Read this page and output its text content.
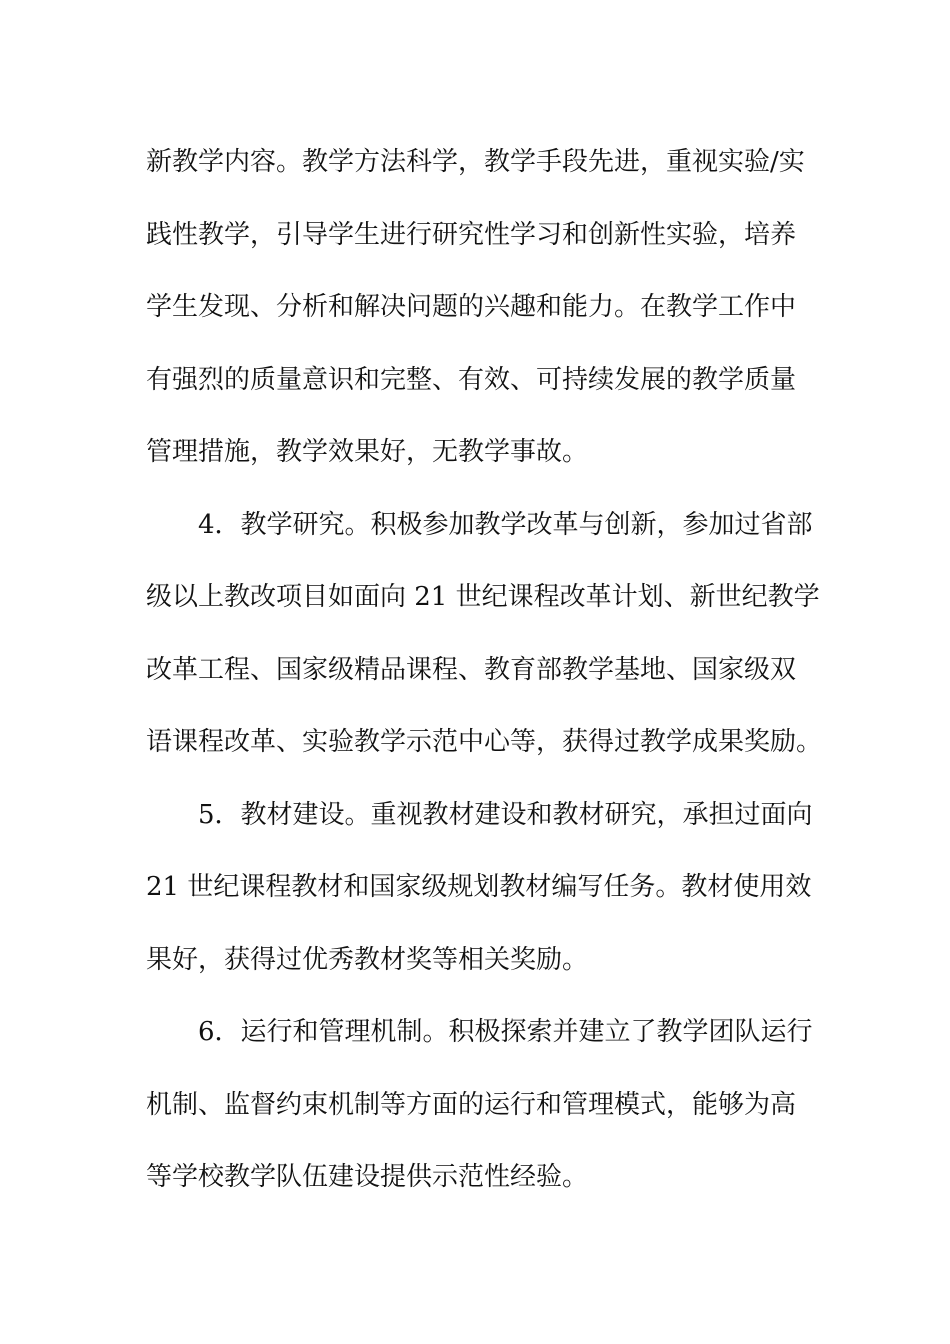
新教学内容。教学方法科学，教学手段先进，重视实验/实
践性教学，引导学生进行研究性学习和创新性实验，培养
学生发现、分析和解决问题的兴趣和能力。在教学工作中
有强烈的质量意识和完整、有效、可持续发展的教学质量
管理措施，教学效果好，无教学事故。
4．教学研究。积极参加教学改革与创新，参加过省部
级以上教改项目如面向 21 世纪课程改革计划、新世纪教学
改革工程、国家级精品课程、教育部教学基地、国家级双
语课程改革、实验教学示范中心等，获得过教学成果奖励。
5．教材建设。重视教材建设和教材研究，承担过面向
21 世纪课程教材和国家级规划教材编写任务。教材使用效
果好，获得过优秀教材奖等相关奖励。
6．运行和管理机制。积极探索并建立了教学团队运行
机制、监督约束机制等方面的运行和管理模式，能够为高
等学校教学队伍建设提供示范性经验。
